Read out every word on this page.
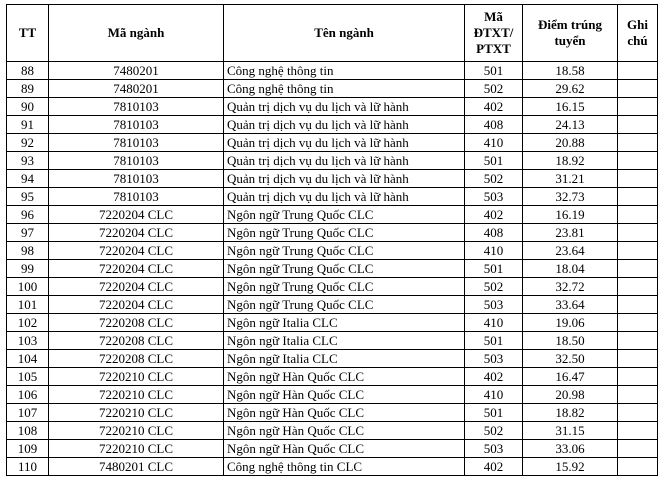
TT	Mã ngành	Tên ngành	Mã ĐTXT/ PTXT	Điểm trúng tuyển	Ghi chú
88	7480201	Công nghệ thông tin	501	18.58	
89	7480201	Công nghệ thông tin	502	29.62	
90	7810103	Quản trị dịch vụ du lịch và lữ hành	402	16.15	
91	7810103	Quản trị dịch vụ du lịch và lữ hành	408	24.13	
92	7810103	Quản trị dịch vụ du lịch và lữ hành	410	20.88	
93	7810103	Quản trị dịch vụ du lịch và lữ hành	501	18.92	
94	7810103	Quản trị dịch vụ du lịch và lữ hành	502	31.21	
95	7810103	Quản trị dịch vụ du lịch và lữ hành	503	32.73	
96	7220204 CLC	Ngôn ngữ Trung Quốc CLC	402	16.19	
97	7220204 CLC	Ngôn ngữ Trung Quốc CLC	408	23.81	
98	7220204 CLC	Ngôn ngữ Trung Quốc CLC	410	23.64	
99	7220204 CLC	Ngôn ngữ Trung Quốc CLC	501	18.04	
100	7220204 CLC	Ngôn ngữ Trung Quốc CLC	502	32.72	
101	7220204 CLC	Ngôn ngữ Trung Quốc CLC	503	33.64	
102	7220208 CLC	Ngôn ngữ Italia CLC	410	19.06	
103	7220208 CLC	Ngôn ngữ Italia CLC	501	18.50	
104	7220208 CLC	Ngôn ngữ Italia CLC	503	32.50	
105	7220210 CLC	Ngôn ngữ Hàn Quốc CLC	402	16.47	
106	7220210 CLC	Ngôn ngữ Hàn Quốc CLC	410	20.98	
107	7220210 CLC	Ngôn ngữ Hàn Quốc CLC	501	18.82	
108	7220210 CLC	Ngôn ngữ Hàn Quốc CLC	502	31.15	
109	7220210 CLC	Ngôn ngữ Hàn Quốc CLC	503	33.06	
110	7480201 CLC	Công nghệ thông tin CLC	402	15.92	
